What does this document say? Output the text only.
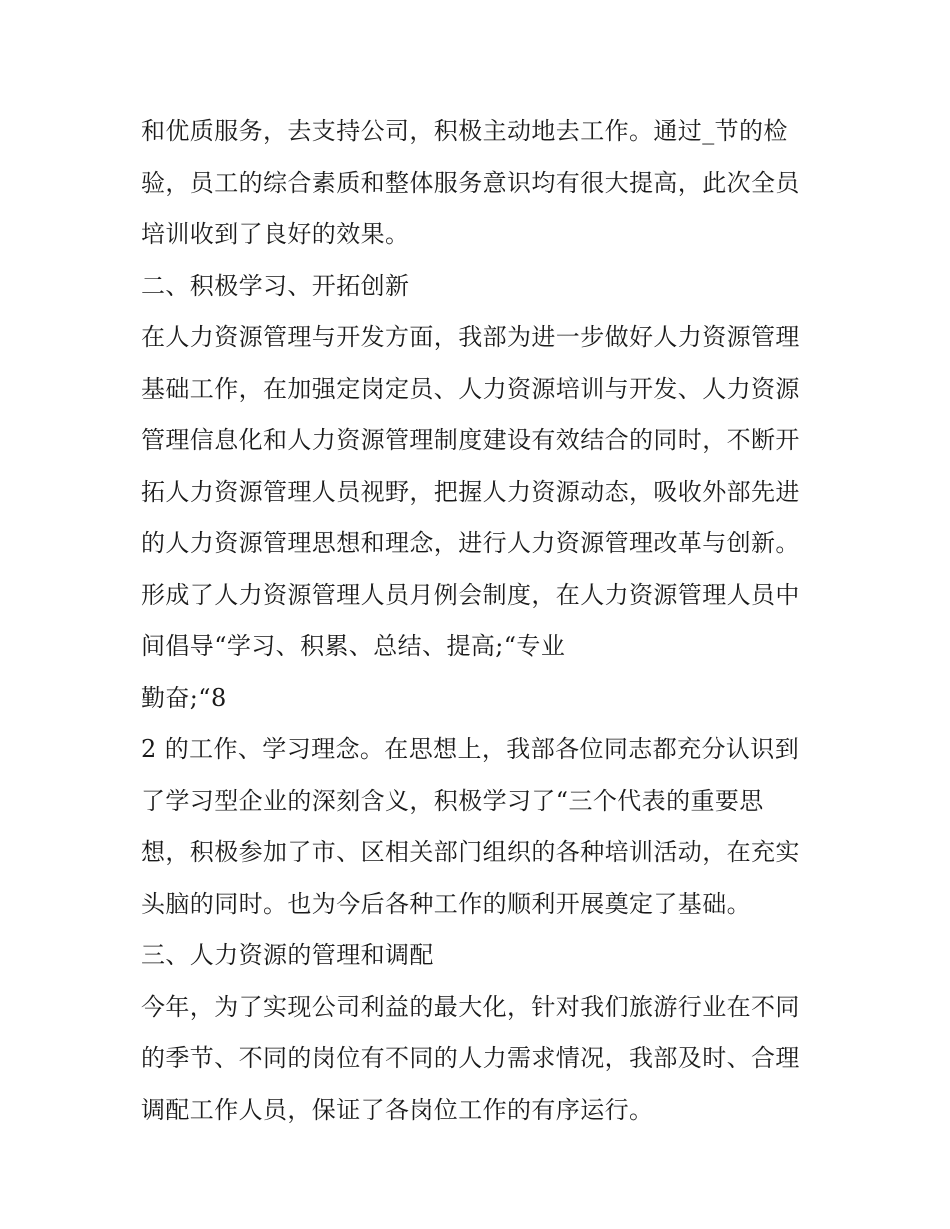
和优质服务，去支持公司，积极主动地去工作。通过_节的检
验，员工的综合素质和整体服务意识均有很大提高，此次全员
培训收到了良好的效果。
二、积极学习、开拓创新
在人力资源管理与开发方面，我部为进一步做好人力资源管理
基础工作，在加强定岗定员、人力资源培训与开发、人力资源
管理信息化和人力资源管理制度建设有效结合的同时，不断开
拓人力资源管理人员视野，把握人力资源动态，吸收外部先进
的人力资源管理思想和理念，进行人力资源管理改革与创新。
形成了人力资源管理人员月例会制度，在人力资源管理人员中
间倡导“学习、积累、总结、提高;“专业
勤奋;“8
2 的工作、学习理念。在思想上，我部各位同志都充分认识到
了学习型企业的深刻含义，积极学习了“三个代表的重要思
想，积极参加了市、区相关部门组织的各种培训活动，在充实
头脑的同时。也为今后各种工作的顺利开展奠定了基础。
三、人力资源的管理和调配
今年，为了实现公司利益的最大化，针对我们旅游行业在不同
的季节、不同的岗位有不同的人力需求情况，我部及时、合理
调配工作人员，保证了各岗位工作的有序运行。
